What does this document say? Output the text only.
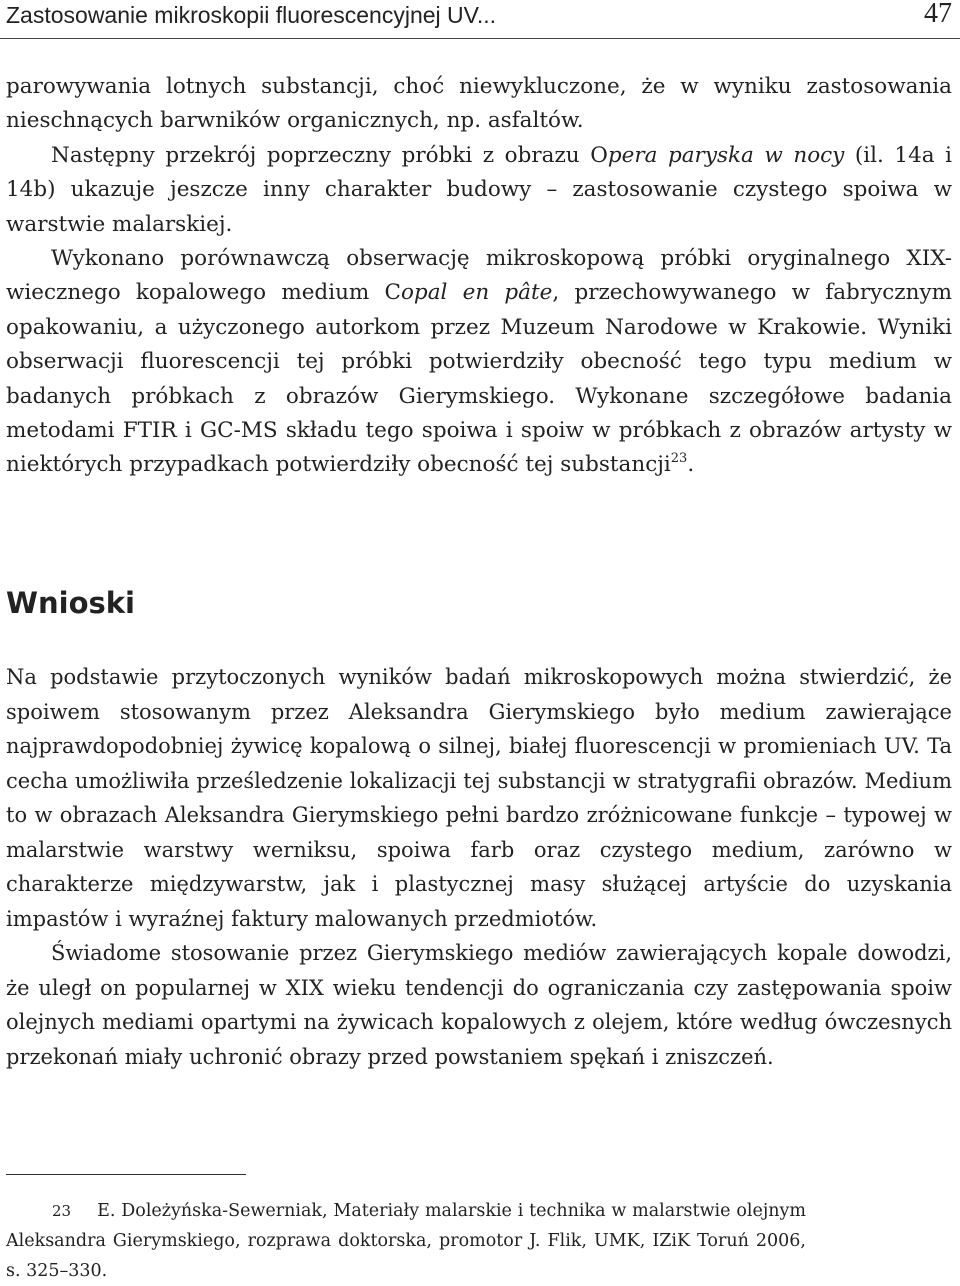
Zastosowanie mikroskopii fluorescencyjnej UV...	47

parowywania lotnych substancji, choć niewykluczone, że w wyniku zastosowania nieschnących barwników organicznych, np. asfaltów.

Następny przekrój poprzeczny próbki z obrazu Opera paryska w nocy (il. 14a i 14b) ukazuje jeszcze inny charakter budowy – zastosowanie czystego spoiwa w warstwie malarskiej.

Wykonano porównawczą obserwację mikroskopową próbki oryginalnego XIX-wiecznego kopalowego medium Copal en pâte, przechowywanego w fabrycznym opakowaniu, a użyczonego autorkom przez Muzeum Narodowe w Krakowie. Wyniki obserwacji fluorescencji tej próbki potwierdziły obecność tego typu medium w badanych próbkach z obrazów Gierymskiego. Wykonane szczegółowe badania metodami FTIR i GC-MS składu tego spoiwa i spoiw w próbkach z obrazów artysty w niektórych przypadkach potwierdziły obecność tej substancji$^{23}$.

Wnioski

Na podstawie przytoczonych wyników badań mikroskopowych można stwierdzić, że spoiwem stosowanym przez Aleksandra Gierymskiego było medium zawierające najprawdopodobniej żywicę kopalową o silnej, białej fluorescencji w promieniach UV. Ta cecha umożliwiła prześledzenie lokalizacji tej substancji w stratygrafii obrazów. Medium to w obrazach Aleksandra Gierymskiego pełni bardzo zróżnicowane funkcje – typowej w malarstwie warstwy werniksu, spoiwa farb oraz czystego medium, zarówno w charakterze międzywarstw, jak i plastycznej masy służącej artyście do uzyskania impastów i wyraźnej faktury malowanych przedmiotów.

Świadome stosowanie przez Gierymskiego mediów zawierających kopale dowodzi, że uległ on popularnej w XIX wieku tendencji do ograniczania czy zastępowania spoiw olejnych mediami opartymi na żywicach kopalowych z olejem, które według ówczesnych przekonań miały uchronić obrazy przed powstaniem spękań i zniszczeń.

23 E. Doleżyńska-Sewerniak, Materiały malarskie i technika w malarstwie olejnym Aleksandra Gierymskiego, rozprawa doktorska, promotor J. Flik, UMK, IZiK Toruń 2006, s. 325–330.
